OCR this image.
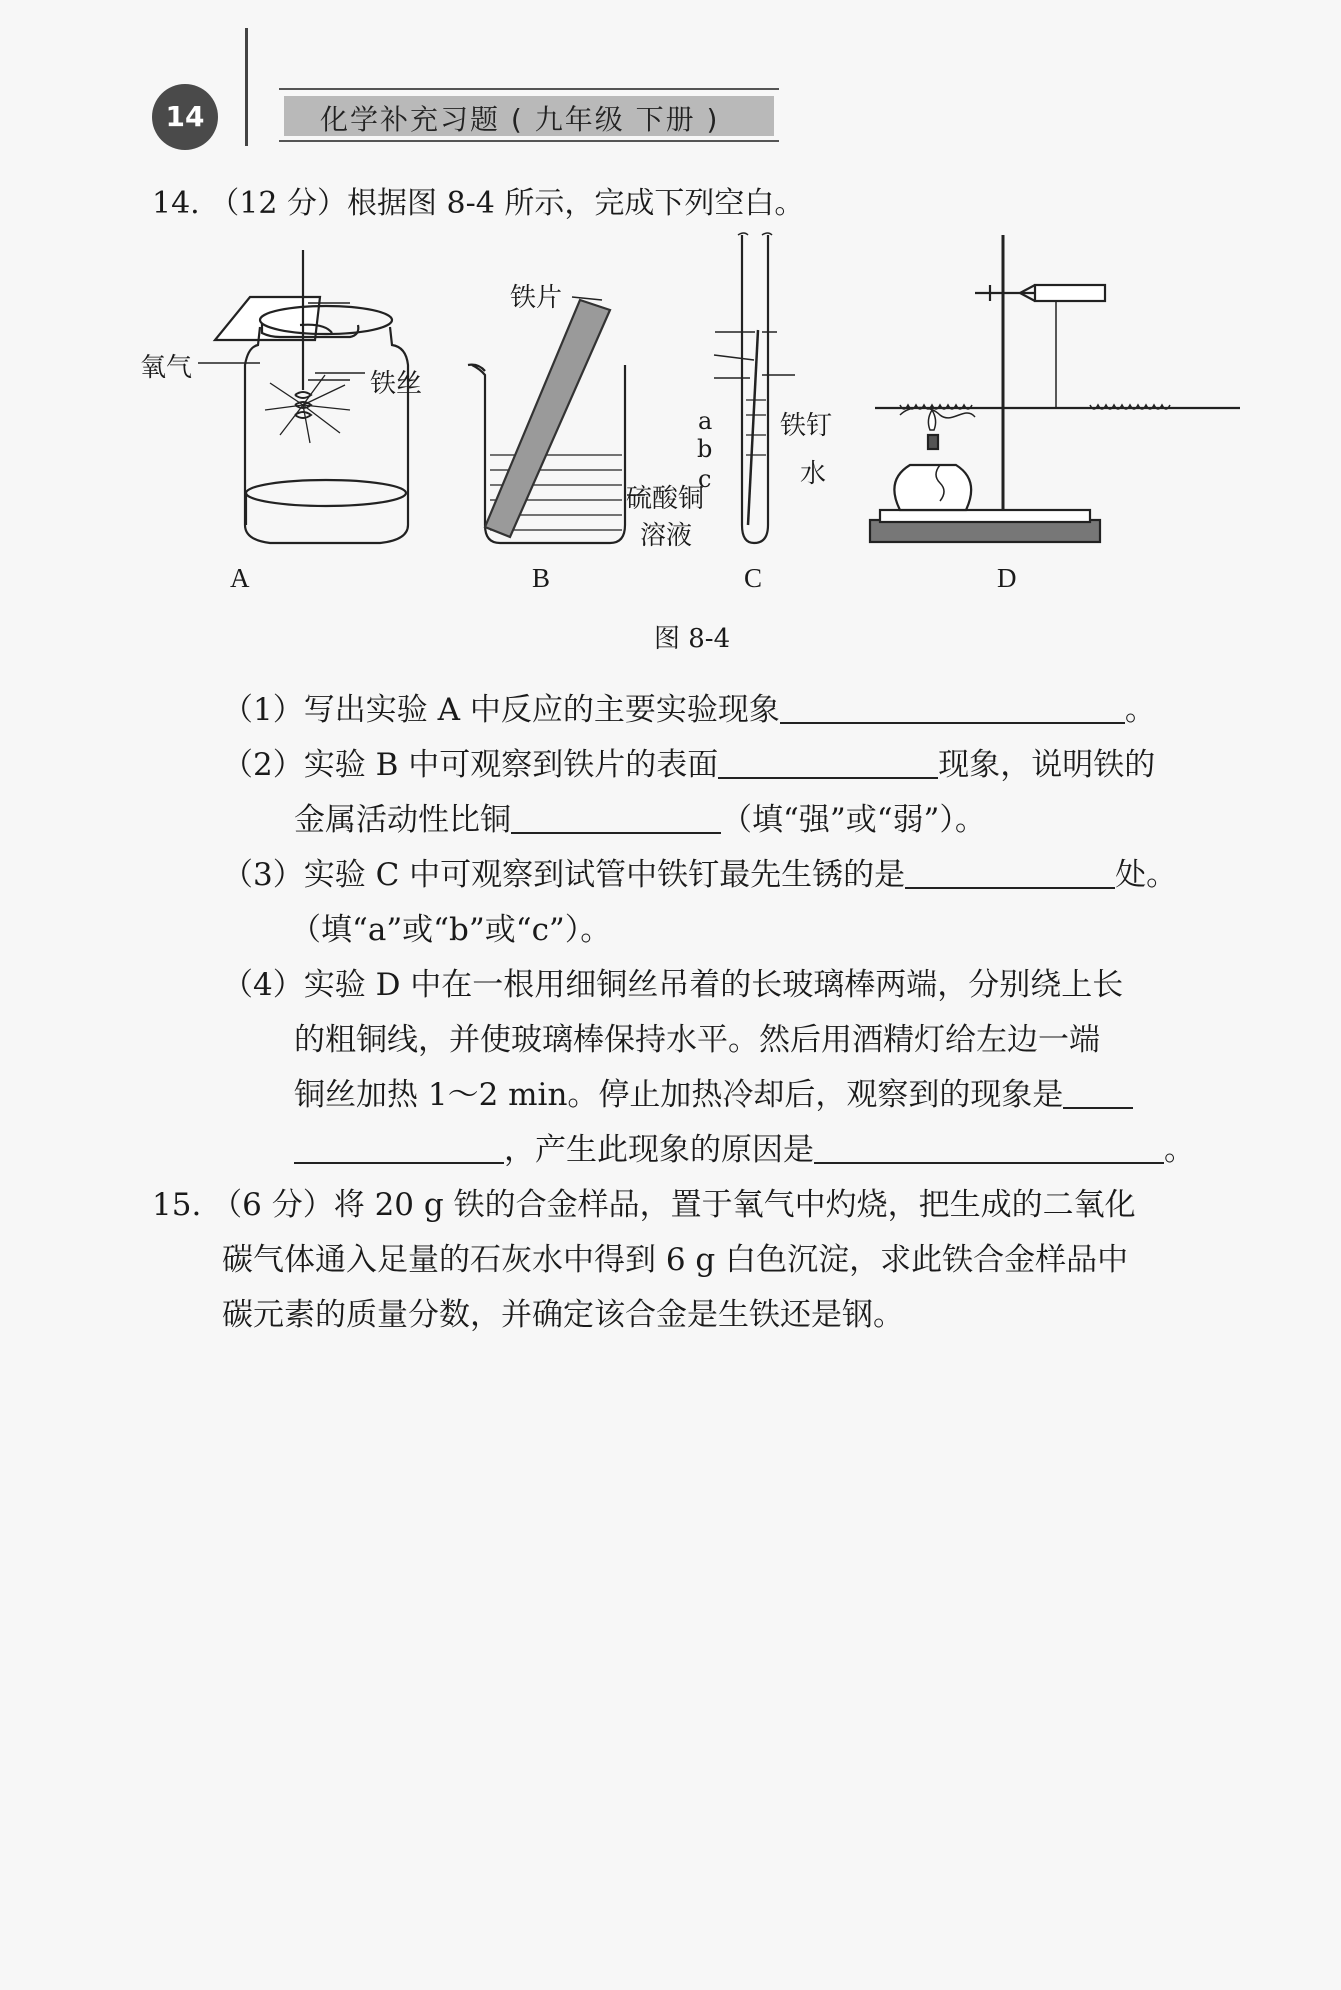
14	化学补充习题 ( 九年级 下册 )
14. （12 分）根据图 8-4 所示，完成下列空白。
A	B	C	D
铁丝
氧气
铁片
硫酸铜
溶液
a
b
c
铁钉
水
图 8-4
（1）写出实验 A 中反应的主要实验现象	。
（2）实验 B 中可观察到铁片的表面	现象，说明铁的
金属活动性比铜	（填“强”或“弱”）。
（3）实验 C 中可观察到试管中铁钉最先生锈的是	处。
（填“a”或“b”或“c”）。
（4）实验 D 中在一根用细铜丝吊着的长玻璃棒两端，分别绕上长
的粗铜线，并使玻璃棒保持水平。然后用酒精灯给左边一端
铜丝加热 1～2 min。停止加热冷却后，观察到的现象是
，产生此现象的原因是	。
15. （6 分）将 20 g 铁的合金样品，置于氧气中灼烧，把生成的二氧化
碳气体通入足量的石灰水中得到 6 g 白色沉淀，求此铁合金样品中
碳元素的质量分数，并确定该合金是生铁还是钢。
